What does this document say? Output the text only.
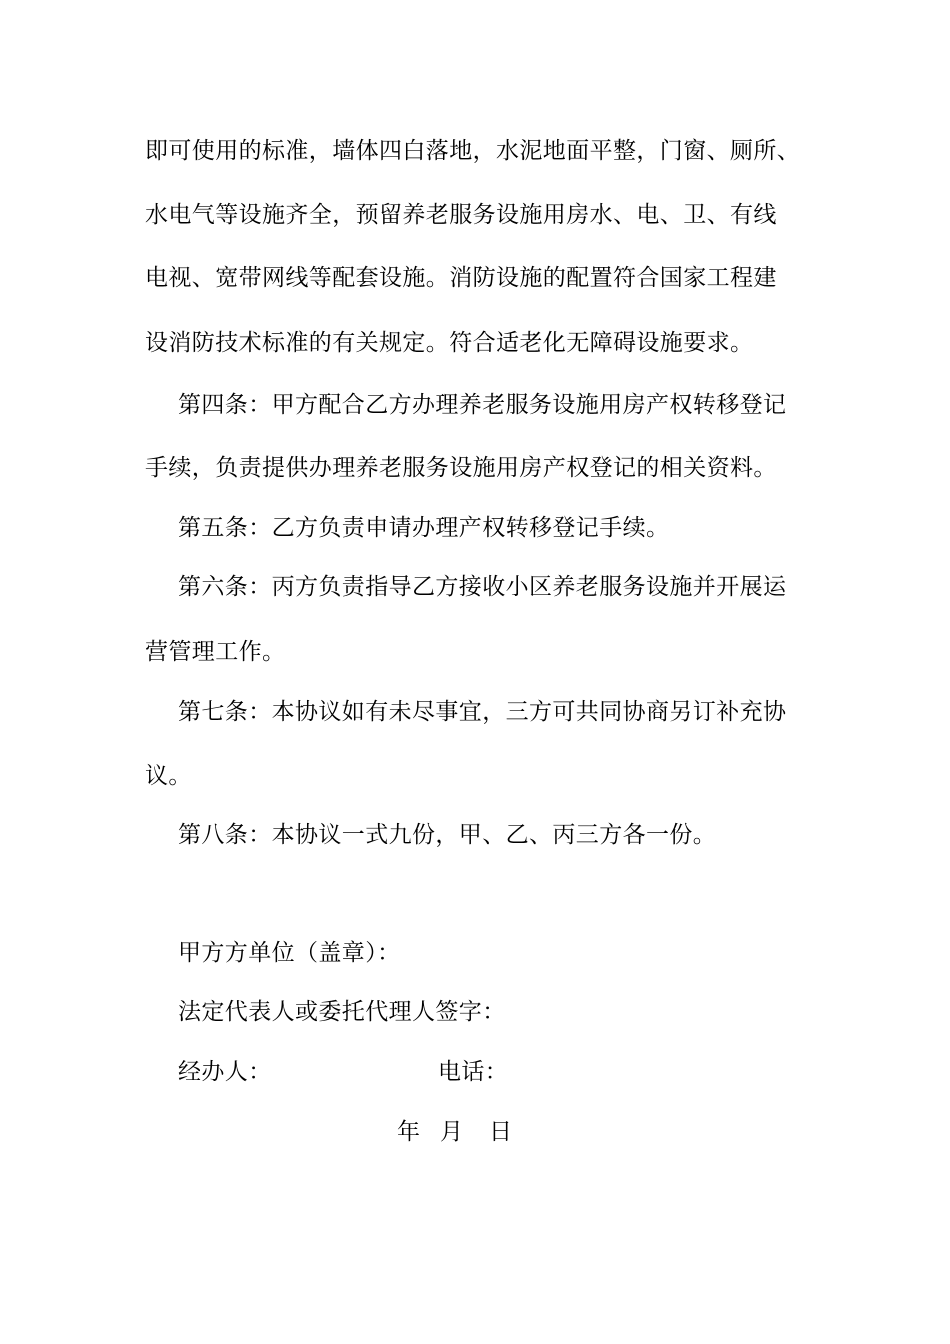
即可使用的标准，墙体四白落地，水泥地面平整，门窗、厕所、
水电气等设施齐全，预留养老服务设施用房水、电、卫、有线
电视、宽带网线等配套设施。消防设施的配置符合国家工程建
设消防技术标准的有关规定。符合适老化无障碍设施要求。
第四条：甲方配合乙方办理养老服务设施用房产权转移登记
手续，负责提供办理养老服务设施用房产权登记的相关资料。
第五条：乙方负责申请办理产权转移登记手续。
第六条：丙方负责指导乙方接收小区养老服务设施并开展运
营管理工作。
第七条：本协议如有未尽事宜，三方可共同协商另订补充协
议。
第八条：本协议一式九份，甲、乙、丙三方各一份。
甲方方单位（盖章）：
法定代表人或委托代理人签字：
经办人：	电话：
年 月 日
